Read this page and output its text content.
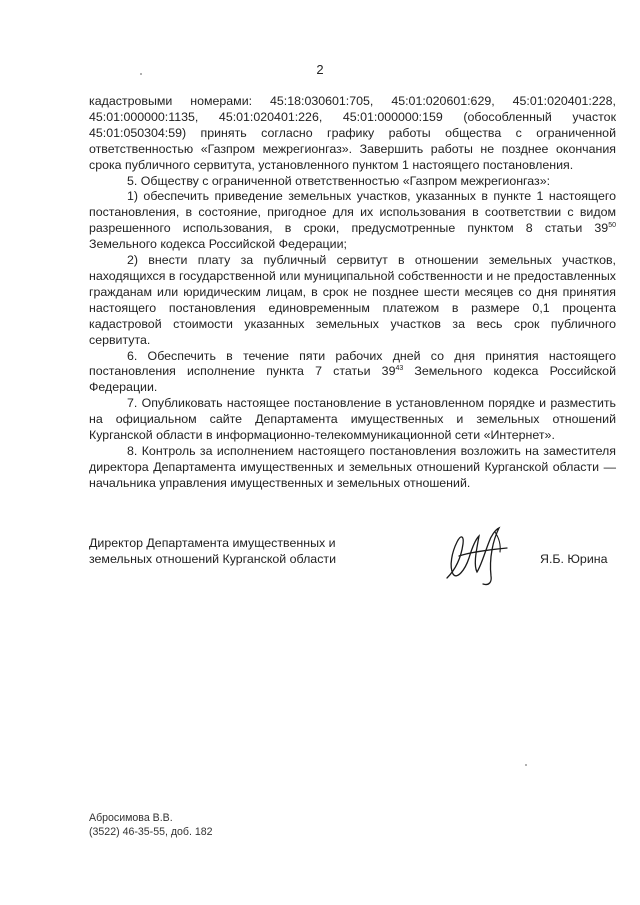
2

кадастровыми номерами: 45:18:030601:705, 45:01:020601:629, 45:01:020401:228, 45:01:000000:1135, 45:01:020401:226, 45:01:000000:159 (обособленный участок 45:01:050304:59) принять согласно графику работы общества с ограниченной ответственностью «Газпром межрегионгаз». Завершить работы не позднее окончания срока публичного сервитута, установленного пунктом 1 настоящего постановления.

5. Обществу с ограниченной ответственностью «Газпром межрегионгаз»:

1) обеспечить приведение земельных участков, указанных в пункте 1 настоящего постановления, в состояние, пригодное для их использования в соответствии с видом разрешенного использования, в сроки, предусмотренные пунктом 8 статьи $39^{50}$ Земельного кодекса Российской Федерации;

2) внести плату за публичный сервитут в отношении земельных участков, находящихся в государственной или муниципальной собственности и не предоставленных гражданам или юридическим лицам, в срок не позднее шести месяцев со дня принятия настоящего постановления единовременным платежом в размере 0,1 процента кадастровой стоимости указанных земельных участков за весь срок публичного сервитута.

6. Обеспечить в течение пяти рабочих дней со дня принятия настоящего постановления исполнение пункта 7 статьи $39^{43}$ Земельного кодекса Российской Федерации.

7. Опубликовать настоящее постановление в установленном порядке и разместить на официальном сайте Департамента имущественных и земельных отношений Курганской области в информационно-телекоммуникационной сети «Интернет».

8. Контроль за исполнением настоящего постановления возложить на заместителя директора Департамента имущественных и земельных отношений Курганской области — начальника управления имущественных и земельных отношений.

Директор Департамента имущественных и
земельных отношений Курганской области	Я.Б. Юрина
Абросимова В.В.
(3522) 46-35-55, доб. 182
